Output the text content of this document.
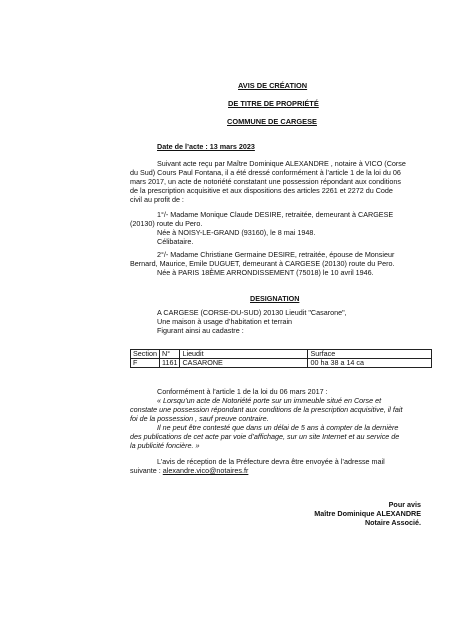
AVIS DE CRÉATION
DE TITRE DE PROPRIÉTÉ
COMMUNE DE CARGESE
Date de l’acte : 13 mars 2023
Suivant acte reçu par Maître Dominique ALEXANDRE , notaire à VICO (Corse
du Sud) Cours Paul Fontana, il a été dressé conformément à l’article 1 de la loi du 06
mars 2017, un acte de notoriété constatant une possession répondant aux conditions
de la prescription acquisitive et aux dispositions des articles 2261 et 2272 du Code
civil au profit de :
1°/- Madame Monique Claude DESIRE, retraitée, demeurant à CARGESE
(20130) route du Pero.
Née à NOISY-LE-GRAND (93160), le 8 mai 1948.
Célibataire.
2°/- Madame Christiane Germaine DESIRE, retraitée, épouse de Monsieur
Bernard, Maurice, Emile DUGUET, demeurant à CARGESE (20130) route du Pero.
Née à PARIS 18ÈME ARRONDISSEMENT (75018) le 10 avril 1946.
DESIGNATION
A CARGESE (CORSE-DU-SUD) 20130 Lieudit "Casarone",
Une maison à usage d’habitation et terrain
Figurant ainsi au cadastre :
Section	N°	Lieudit	Surface
F	1161	CASARONE	00 ha 38 a 14 ca
Conformément à l’article 1 de la loi du 06 mars 2017 :
« Lorsqu’un acte de Notoriété porte sur un immeuble situé en Corse et
constate une possession répondant aux conditions de la prescription acquisitive, il fait
foi de la possession , sauf preuve contraire.
Il ne peut être contesté que dans un délai de 5 ans à compter de la dernière
des publications de cet acte par voie d’affichage, sur un site Internet et au service de
la publicité foncière. »
L’avis de réception de la Préfecture devra être envoyée à l’adresse mail
suivante : alexandre.vico@notaires.fr
Pour avis
Maître Dominique ALEXANDRE
Notaire Associé.
